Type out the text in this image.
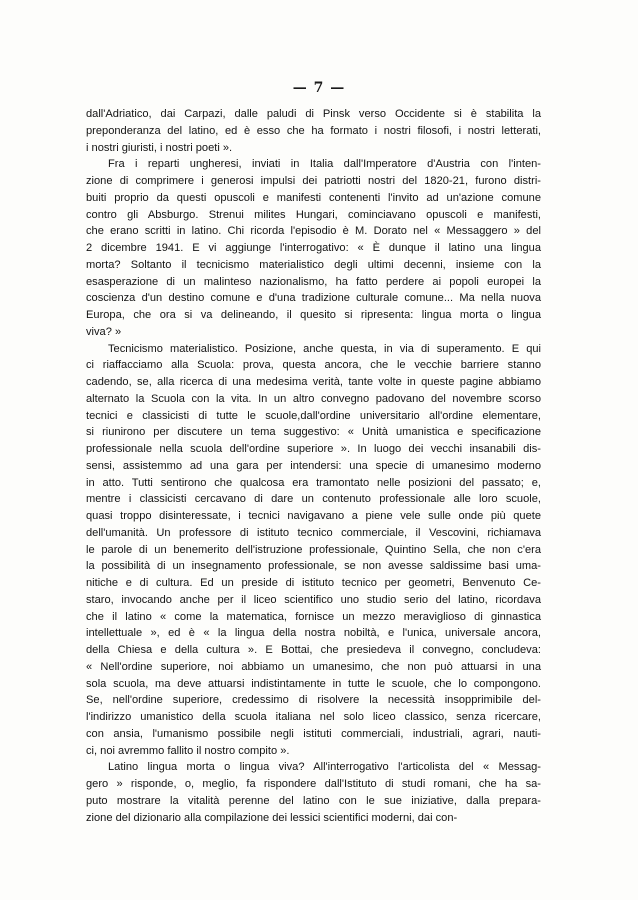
— 7 —
dall'Adriatico, dai Carpazi, dalle paludi di Pinsk verso Occidente si è stabilita la
preponderanza del latino, ed è esso che ha formato i nostri filosofi, i nostri letterati,
i nostri giuristi, i nostri poeti ».
Fra i reparti ungheresi, inviati in Italia dall'Imperatore d'Austria con l'inten-
zione di comprimere i generosi impulsi dei patriotti nostri del 1820-21, furono distri-
buiti proprio da questi opuscoli e manifesti contenenti l'invito ad un'azione comune
contro gli Absburgo. Strenui milites Hungari, cominciavano opuscoli e manifesti,
che erano scritti in latino. Chi ricorda l'episodio è M. Dorato nel « Messaggero » del
2 dicembre 1941. E vi aggiunge l'interrogativo: « È dunque il latino una lingua
morta? Soltanto il tecnicismo materialistico degli ultimi decenni, insieme con la
esasperazione di un malinteso nazionalismo, ha fatto perdere ai popoli europei la
coscienza d'un destino comune e d'una tradizione culturale comune... Ma nella nuova
Europa, che ora si va delineando, il quesito si ripresenta: lingua morta o lingua
viva? »
Tecnicismo materialistico. Posizione, anche questa, in via di superamento. E qui
ci riaffacciamo alla Scuola: prova, questa ancora, che le vecchie barriere stanno
cadendo, se, alla ricerca di una medesima verità, tante volte in queste pagine abbiamo
alternato la Scuola con la vita. In un altro convegno padovano del novembre scorso
tecnici e classicisti di tutte le scuole,dall'ordine universitario all'ordine elementare,
si riunirono per discutere un tema suggestivo: « Unità umanistica e specificazione
professionale nella scuola dell'ordine superiore ». In luogo dei vecchi insanabili dis-
sensi, assistemmo ad una gara per intendersi: una specie di umanesimo moderno
in atto. Tutti sentirono che qualcosa era tramontato nelle posizioni del passato; e,
mentre i classicisti cercavano di dare un contenuto professionale alle loro scuole,
quasi troppo disinteressate, i tecnici navigavano a piene vele sulle onde più quete
dell'umanità. Un professore di istituto tecnico commerciale, il Vescovini, richiamava
le parole di un benemerito dell'istruzione professionale, Quintino Sella, che non c'era
la possibilità di un insegnamento professionale, se non avesse saldissime basi uma-
nitiche e di cultura. Ed un preside di istituto tecnico per geometri, Benvenuto Ce-
staro, invocando anche per il liceo scientifico uno studio serio del latino, ricordava
che il latino « come la matematica, fornisce un mezzo meraviglioso di ginnastica
intellettuale », ed è « la lingua della nostra nobiltà, e l'unica, universale ancora,
della Chiesa e della cultura ». E Bottai, che presiedeva il convegno, concludeva:
« Nell'ordine superiore, noi abbiamo un umanesimo, che non può attuarsi in una
sola scuola, ma deve attuarsi indistintamente in tutte le scuole, che lo compongono.
Se, nell'ordine superiore, credessimo di risolvere la necessità insopprimibile del-
l'indirizzo umanistico della scuola italiana nel solo liceo classico, senza ricercare,
con ansia, l'umanismo possibile negli istituti commerciali, industriali, agrari, nauti-
ci, noi avremmo fallito il nostro compito ».
Latino lingua morta o lingua viva? All'interrogativo l'articolista del « Messag-
gero » risponde, o, meglio, fa rispondere dall'Istituto di studi romani, che ha sa-
puto mostrare la vitalità perenne del latino con le sue iniziative, dalla prepara-
zione del dizionario alla compilazione dei lessici scientifici moderni, dai con-
